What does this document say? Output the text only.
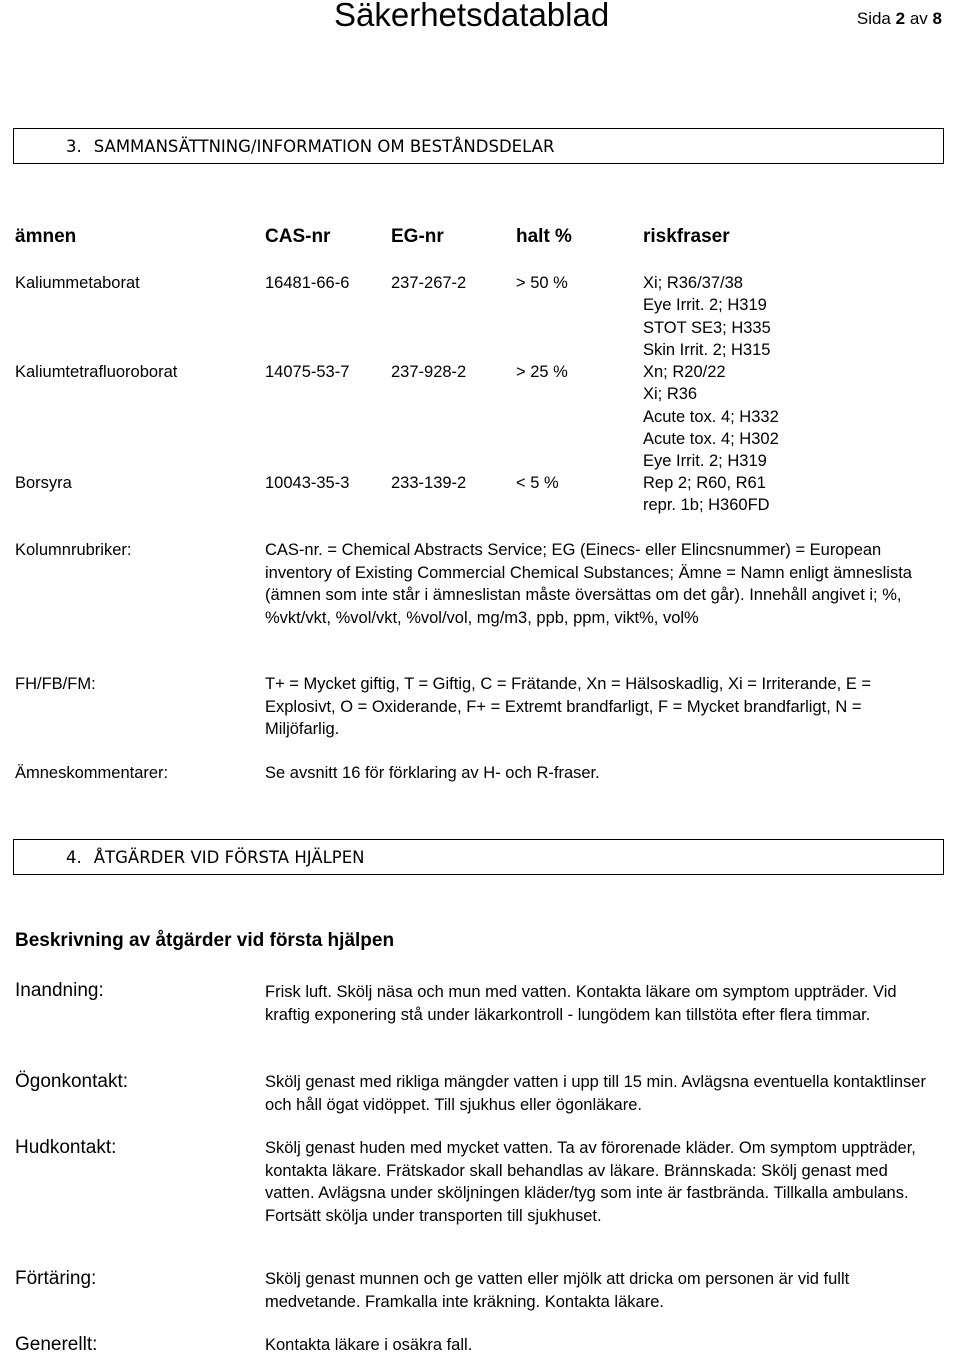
Säkerhetsdatablad	Sida 2 av 8
3. SAMMANSÄTTNING/INFORMATION OM BESTÅNDSDELAR
ämnen	CAS-nr	EG-nr	halt %	riskfraser
Kaliummetaborat	16481-66-6	237-267-2	> 50 %	Xi; R36/37/38
Eye Irrit. 2; H319
STOT SE3; H335
Skin Irrit. 2; H315
Kaliumtetrafluoroborat	14075-53-7	237-928-2	> 25 %	Xn; R20/22
Xi; R36
Acute tox. 4; H332
Acute tox. 4; H302
Eye Irrit. 2; H319
Borsyra	10043-35-3	233-139-2	< 5 %	Rep 2; R60, R61
repr. 1b; H360FD
Kolumnrubriker:	CAS-nr. = Chemical Abstracts Service; EG (Einecs- eller Elincsnummer) = European inventory of Existing Commercial Chemical Substances; Ämne = Namn enligt ämneslista (ämnen som inte står i ämneslistan måste översättas om det går). Innehåll angivet i; %, %vkt/vkt, %vol/vkt, %vol/vol, mg/m3, ppb, ppm, vikt%, vol%
FH/FB/FM:	T+ = Mycket giftig, T = Giftig, C = Frätande, Xn = Hälsoskadlig, Xi = Irriterande, E = Explosivt, O = Oxiderande, F+ = Extremt brandfarligt, F = Mycket brandfarligt, N = Miljöfarlig.
Ämneskommentarer:	Se avsnitt 16 för förklaring av H- och R-fraser.
4. ÅTGÄRDER VID FÖRSTA HJÄLPEN
Beskrivning av åtgärder vid första hjälpen
Inandning:	Frisk luft. Skölj näsa och mun med vatten. Kontakta läkare om symptom uppträder. Vid kraftig exponering stå under läkarkontroll - lungödem kan tillstöta efter flera timmar.
Ögonkontakt:	Skölj genast med rikliga mängder vatten i upp till 15 min. Avlägsna eventuella kontaktlinser och håll ögat vidöppet. Till sjukhus eller ögonläkare.
Hudkontakt:	Skölj genast huden med mycket vatten. Ta av förorenade kläder. Om symptom uppträder, kontakta läkare. Frätskador skall behandlas av läkare. Brännskada: Skölj genast med vatten. Avlägsna under sköljningen kläder/tyg som inte är fastbrända. Tillkalla ambulans. Fortsätt skölja under transporten till sjukhuset.
Förtäring:	Skölj genast munnen och ge vatten eller mjölk att dricka om personen är vid fullt medvetande. Framkalla inte kräkning. Kontakta läkare.
Generellt:	Kontakta läkare i osäkra fall.
